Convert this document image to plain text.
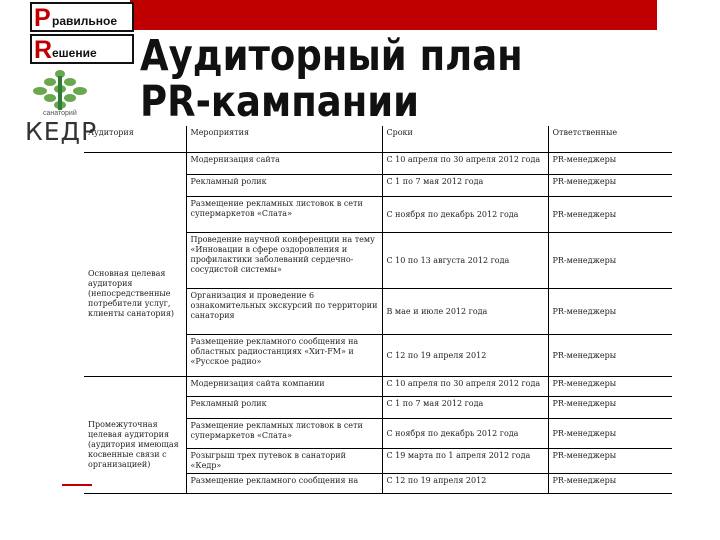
P равильное
R ешение
санаторий
КЕДР
Аудиторный план PR-кампании
Аудитория	Мероприятия	Сроки	Ответственные
Основная целевая аудитория (непосредственные потребители услуг, клиенты санатория)	Модернизация сайта	С 10 апреля по 30 апреля 2012 года	PR-менеджеры
	Рекламный ролик	С 1 по 7 мая 2012 года	PR-менеджеры
	Размещение рекламных листовок в сети супермаркетов «Слата»	С ноября по декабрь 2012 года	PR-менеджеры
	Проведение научной конференции на тему «Инновации в сфере оздоровления и профилактики заболеваний сердечно-сосудистой системы»	С 10 по 13 августа 2012 года	PR-менеджеры
	Организация и проведение 6 ознакомительных экскурсий по территории санатория	В мае и июле 2012 года	PR-менеджеры
	Размещение рекламного сообщения на областных радиостанциях «Хит-FM» и «Русское радио»	С 12 по 19 апреля 2012	PR-менеджеры
Промежуточная целевая аудитория (аудитория имеющая косвенные связи с организацией)	Модернизация сайта компании	С 10 апреля по 30 апреля 2012 года	PR-менеджеры
	Рекламный ролик	С 1 по 7 мая 2012 года	PR-менеджеры
	Размещение рекламных листовок в сети супермаркетов «Слата»	С ноября по декабрь 2012 года	PR-менеджеры
	Розыгрыш трех путевок в санаторий «Кедр»	С 19 марта по 1 апреля 2012 года	PR-менеджеры
	Размещение рекламного сообщения на	С 12 по 19 апреля 2012	PR-менеджеры
